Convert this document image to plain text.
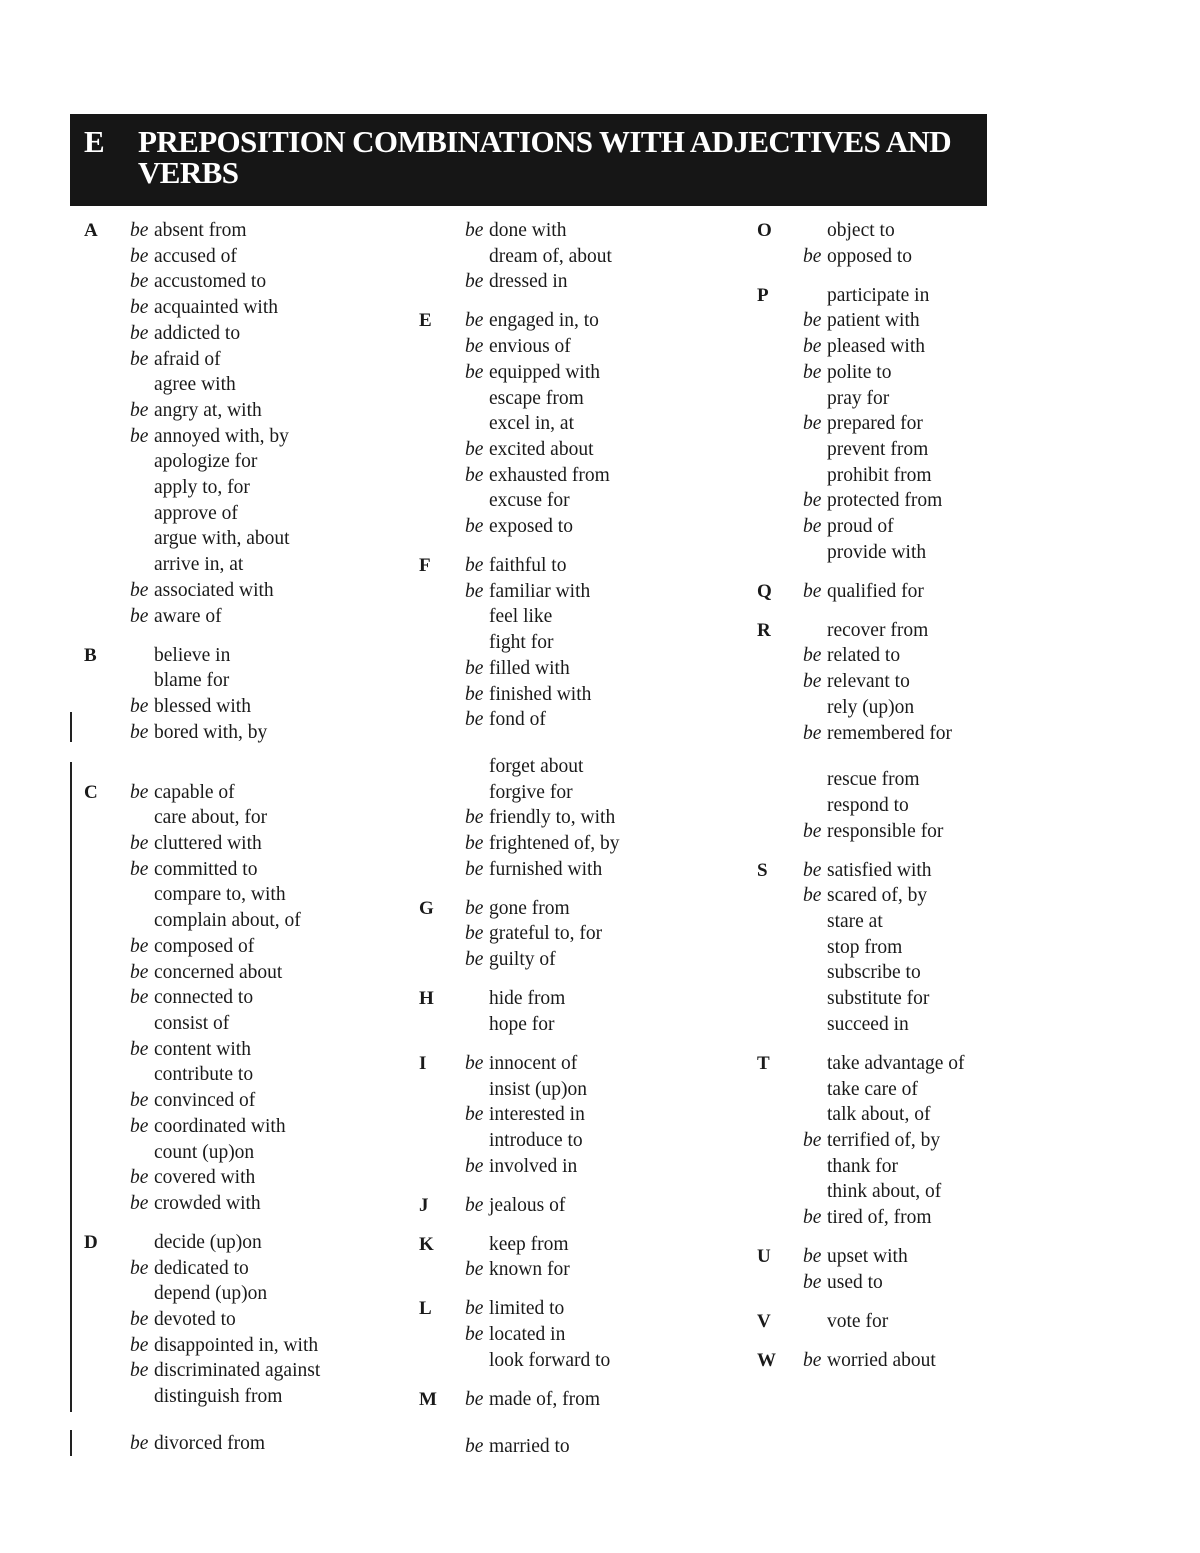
E PREPOSITION COMBINATIONS WITH ADJECTIVES AND VERBS
A be absent from
be accused of
be accustomed to
be acquainted with
be addicted to
be afraid of
agree with
be angry at, with
be annoyed with, by
apologize for
apply to, for
approve of
argue with, about
arrive in, at
be associated with
be aware of
B	believe in
blame for
be blessed with
be bored with, by
C be capable of
care about, for
be cluttered with
be committed to
compare to, with
complain about, of
be composed of
be concerned about
be connected to
consist of
be content with
contribute to
be convinced of
be coordinated with
count (up)on
be covered with
be crowded with
D	decide (up)on
be dedicated to
depend (up)on
be devoted to
be disappointed in, with
be discriminated against
distinguish from
be divorced from
be done with
dream of, about
be dressed in
E be engaged in, to
be envious of
be equipped with
escape from
excel in, at
be excited about
be exhausted from
excuse for
be exposed to
F be faithful to
be familiar with
feel like
fight for
be filled with
be finished with
be fond of
forget about
forgive for
be friendly to, with
be frightened of, by
be furnished with
G be gone from
be grateful to, for
be guilty of
H	hide from
hope for
I be innocent of
insist (up)on
be interested in
introduce to
be involved in
J be jealous of
K	keep from
be known for
L be limited to
be located in
look forward to
M be made of, from
be married to
O	object to
be opposed to
P	participate in
be patient with
be pleased with
be polite to
pray for
be prepared for
prevent from
prohibit from
be protected from
be proud of
provide with
Q be qualified for
R	recover from
be related to
be relevant to
rely (up)on
be remembered for
rescue from
respond to
be responsible for
S be satisfied with
be scared of, by
stare at
stop from
subscribe to
substitute for
succeed in
T	take advantage of
take care of
talk about, of
be terrified of, by
thank for
think about, of
be tired of, from
U be upset with
be used to
V	vote for
W be worried about
